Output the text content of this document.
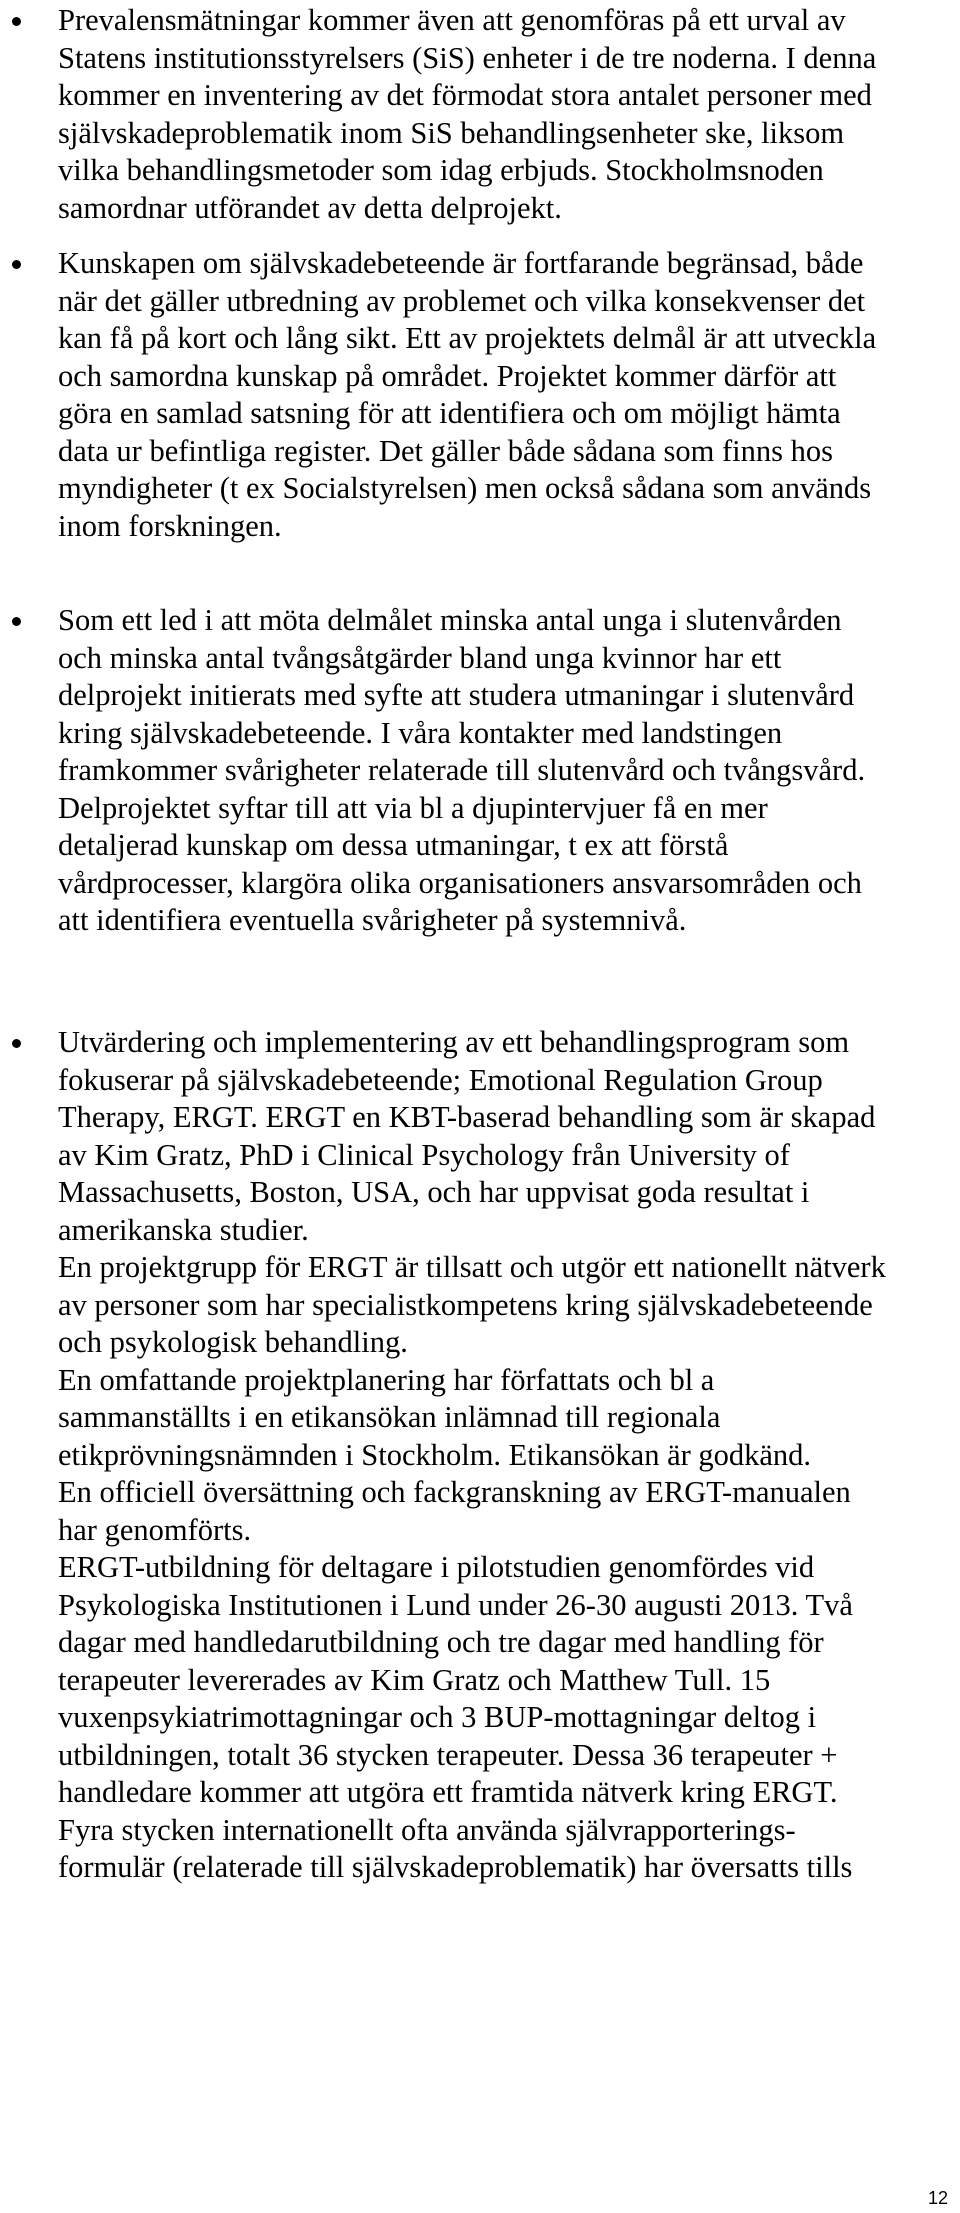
Prevalensmätningar kommer även att genomföras på ett urval av
Statens institutionsstyrelsers (SiS) enheter i de tre noderna. I denna
kommer en inventering av det förmodat stora antalet personer med
självskadeproblematik inom SiS behandlingsenheter ske, liksom
vilka behandlingsmetoder som idag erbjuds. Stockholmsnoden
samordnar utförandet av detta delprojekt.
Kunskapen om självskadebeteende är fortfarande begränsad, både
när det gäller utbredning av problemet och vilka konsekvenser det
kan få på kort och lång sikt. Ett av projektets delmål är att utveckla
och samordna kunskap på området. Projektet kommer därför att
göra en samlad satsning för att identifiera och om möjligt hämta
data ur befintliga register. Det gäller både sådana som finns hos
myndigheter (t ex Socialstyrelsen) men också sådana som används
inom forskningen.
Som ett led i att möta delmålet minska antal unga i slutenvården
och minska antal tvångsåtgärder bland unga kvinnor har ett
delprojekt initierats med syfte att studera utmaningar i slutenvård
kring självskadebeteende. I våra kontakter med landstingen
framkommer svårigheter relaterade till slutenvård och tvångsvård.
Delprojektet syftar till att via bl a djupintervjuer få en mer
detaljerad kunskap om dessa utmaningar, t ex att förstå
vårdprocesser, klargöra olika organisationers ansvarsområden och
att identifiera eventuella svårigheter på systemnivå.
Utvärdering och implementering av ett behandlingsprogram som
fokuserar på självskadebeteende; Emotional Regulation Group
Therapy, ERGT. ERGT en KBT-baserad behandling som är skapad
av Kim Gratz, PhD i Clinical Psychology från University of
Massachusetts, Boston, USA, och har uppvisat goda resultat i
amerikanska studier.
En projektgrupp för ERGT är tillsatt och utgör ett nationellt nätverk
av personer som har specialistkompetens kring självskadebeteende
och psykologisk behandling.
En omfattande projektplanering har författats och bl a
sammanställts i en etikansökan inlämnad till regionala
etikprövningsnämnden i Stockholm. Etikansökan är godkänd.
En officiell översättning och fackgranskning av ERGT-manualen
har genomförts.
ERGT-utbildning för deltagare i pilotstudien genomfördes vid
Psykologiska Institutionen i Lund under 26-30 augusti 2013. Två
dagar med handledarutbildning och tre dagar med handling för
terapeuter levererades av Kim Gratz och Matthew Tull. 15
vuxenpsykiatrimottagningar och 3 BUP-mottagningar deltog i
utbildningen, totalt 36 stycken terapeuter. Dessa 36 terapeuter +
handledare kommer att utgöra ett framtida nätverk kring ERGT.
Fyra stycken internationellt ofta använda självrapporterings-
formulär (relaterade till självskadeproblematik) har översatts tills
12
